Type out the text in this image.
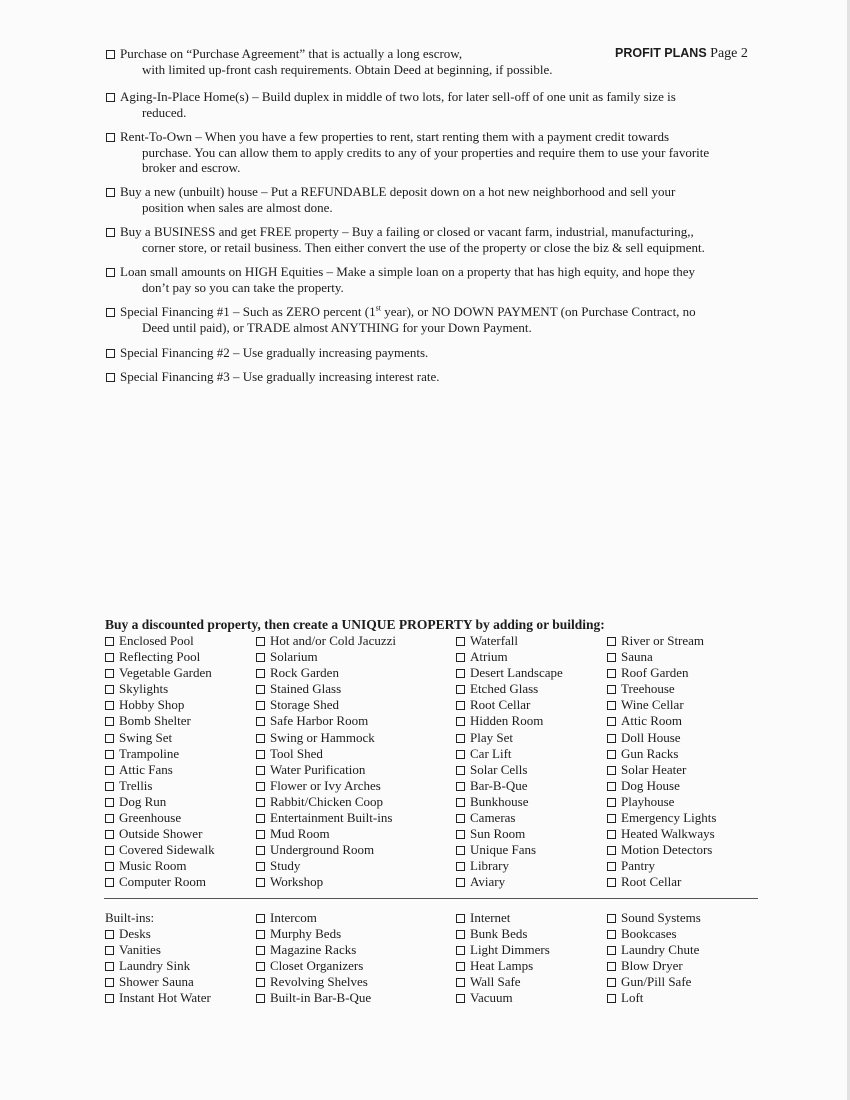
PROFIT PLANS Page 2
Purchase on “Purchase Agreement” that is actually a long escrow,
with limited up-front cash requirements. Obtain Deed at beginning, if possible.
Aging-In-Place Home(s) – Build duplex in middle of two lots, for later sell-off of one unit as family size is
reduced.
Rent-To-Own – When you have a few properties to rent, start renting them with a payment credit towards
purchase. You can allow them to apply credits to any of your properties and require them to use your favorite
broker and escrow.
Buy a new (unbuilt) house – Put a REFUNDABLE deposit down on a hot new neighborhood and sell your
position when sales are almost done.
Buy a BUSINESS and get FREE property – Buy a failing or closed or vacant farm, industrial, manufacturing,,
corner store, or retail business. Then either convert the use of the property or close the biz & sell equipment.
Loan small amounts on HIGH Equities – Make a simple loan on a property that has high equity, and hope they
don’t pay so you can take the property.
Special Financing #1 – Such as ZERO percent (1st year), or NO DOWN PAYMENT (on Purchase Contract, no
Deed until paid), or TRADE almost ANYTHING for your Down Payment.
Special Financing #2 – Use gradually increasing payments.
Special Financing #3 – Use gradually increasing interest rate.
Buy a discounted property, then create a UNIQUE PROPERTY by adding or building:
Enclosed Pool
Reflecting Pool
Vegetable Garden
Skylights
Hobby Shop
Bomb Shelter
Swing Set
Trampoline
Attic Fans
Trellis
Dog Run
Greenhouse
Outside Shower
Covered Sidewalk
Music Room
Computer Room
Hot and/or Cold Jacuzzi
Solarium
Rock Garden
Stained Glass
Storage Shed
Safe Harbor Room
Swing or Hammock
Tool Shed
Water Purification
Flower or Ivy Arches
Rabbit/Chicken Coop
Entertainment Built-ins
Mud Room
Underground Room
Study
Workshop
Waterfall
Atrium
Desert Landscape
Etched Glass
Root Cellar
Hidden Room
Play Set
Car Lift
Solar Cells
Bar-B-Que
Bunkhouse
Cameras
Sun Room
Unique Fans
Library
Aviary
River or Stream
Sauna
Roof Garden
Treehouse
Wine Cellar
Attic Room
Doll House
Gun Racks
Solar Heater
Dog House
Playhouse
Emergency Lights
Heated Walkways
Motion Detectors
Pantry
Root Cellar
Built-ins:
Desks
Vanities
Laundry Sink
Shower Sauna
Instant Hot Water
Intercom
Murphy Beds
Magazine Racks
Closet Organizers
Revolving Shelves
Built-in Bar-B-Que
Internet
Bunk Beds
Light Dimmers
Heat Lamps
Wall Safe
Vacuum
Sound Systems
Bookcases
Laundry Chute
Blow Dryer
Gun/Pill Safe
Loft
